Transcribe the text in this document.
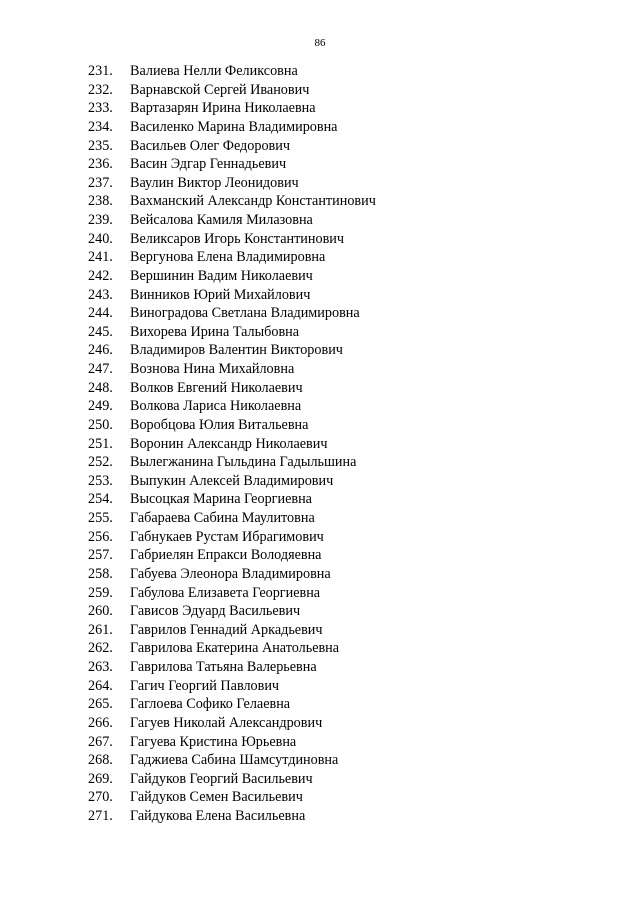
86
231.	Валиева Нелли Феликсовна
232.	Варнавской Сергей Иванович
233.	Вартазарян Ирина Николаевна
234.	Василенко Марина Владимировна
235.	Васильев Олег Федорович
236.	Васин Эдгар Геннадьевич
237.	Ваулин Виктор Леонидович
238.	Вахманский Александр Константинович
239.	Вейсалова Камиля Милазовна
240.	Великсаров Игорь Константинович
241.	Вергунова Елена Владимировна
242.	Вершинин Вадим Николаевич
243.	Винников Юрий Михайлович
244.	Виноградова Светлана Владимировна
245.	Вихорева Ирина Талыбовна
246.	Владимиров Валентин Викторович
247.	Вознова Нина Михайловна
248.	Волков Евгений Николаевич
249.	Волкова Лариса Николаевна
250.	Воробцова Юлия Витальевна
251.	Воронин Александр Николаевич
252.	Вылегжанина Гыльдина Гадыльшина
253.	Выпукин Алексей Владимирович
254.	Высоцкая Марина Георгиевна
255.	Габараева Сабина Маулитовна
256.	Габнукаев Рустам Ибрагимович
257.	Габриелян Епракси Володяевна
258.	Габуева Элеонора Владимировна
259.	Габулова Елизавета Георгиевна
260.	Гависов Эдуард Васильевич
261.	Гаврилов Геннадий Аркадьевич
262.	Гаврилова Екатерина Анатольевна
263.	Гаврилова Татьяна Валерьевна
264.	Гагич Георгий Павлович
265.	Гаглоева Софико Гелаевна
266.	Гагуев Николай Александрович
267.	Гагуева Кристина Юрьевна
268.	Гаджиева Сабина Шамсутдиновна
269.	Гайдуков Георгий Васильевич
270.	Гайдуков Семен Васильевич
271.	Гайдукова Елена Васильевна
